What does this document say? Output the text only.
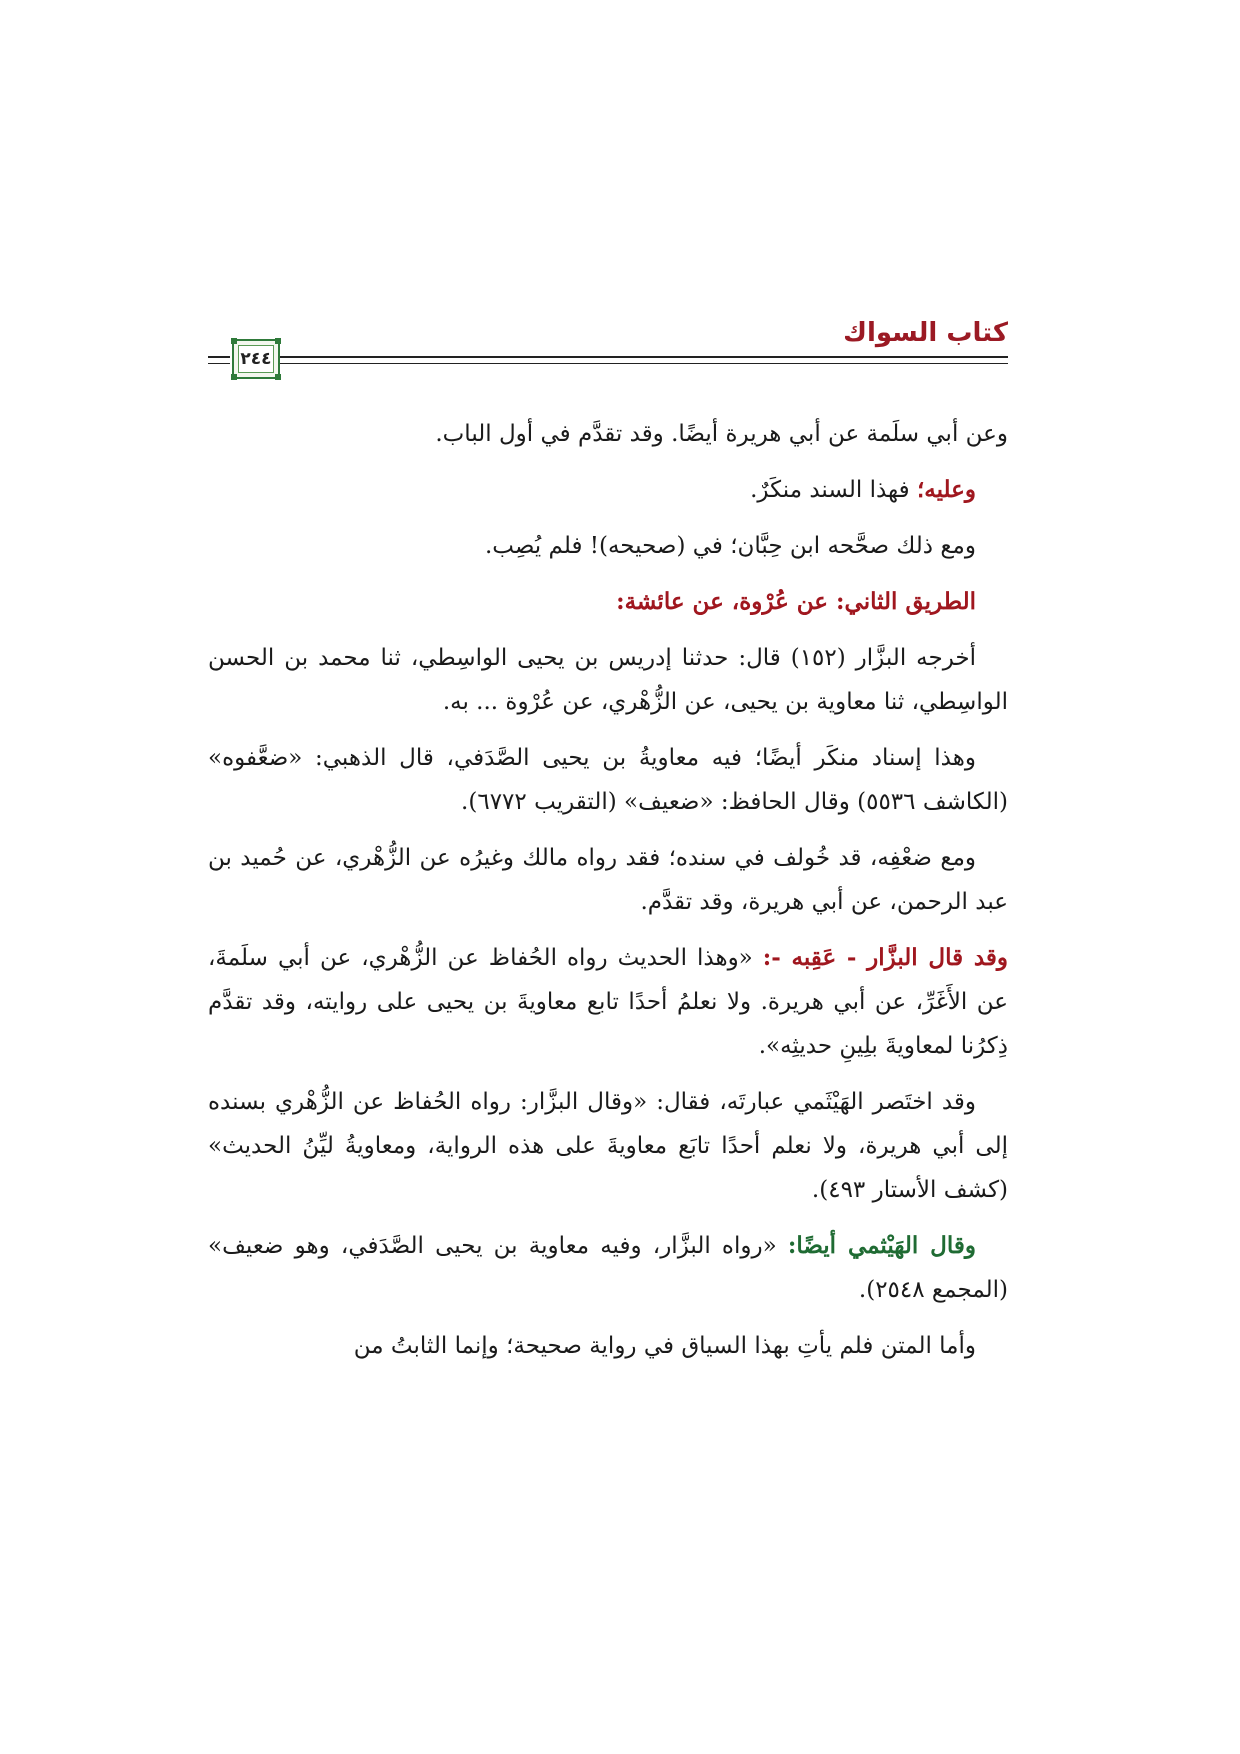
كتاب السواك
٢٤٤

وعن أبي سلَمة عن أبي هريرة أيضًا. وقد تقدَّم في أول الباب.

وعليه؛ فهذا السند منكَرٌ.

ومع ذلك صحَّحه ابن حِبَّان؛ في (صحيحه)! فلم يُصِب.

الطريق الثاني: عن عُرْوة، عن عائشة:

أخرجه البزَّار (١٥٢) قال: حدثنا إدريس بن يحيى الواسِطي، ثنا محمد بن الحسن الواسِطي، ثنا معاوية بن يحيى، عن الزُّهْري، عن عُرْوة ... به.

وهذا إسناد منكَر أيضًا؛ فيه معاويةُ بن يحيى الصَّدَفي، قال الذهبي: «ضعَّفوه» (الكاشف ٥٥٣٦) وقال الحافظ: «ضعيف» (التقريب ٦٧٧٢).

ومع ضعْفِه، قد خُولف في سنده؛ فقد رواه مالك وغيرُه عن الزُّهْري، عن حُميد بن عبد الرحمن، عن أبي هريرة، وقد تقدَّم.

وقد قال البزَّار - عَقِبه -: «وهذا الحديث رواه الحُفاظ عن الزُّهْري، عن أبي سلَمةَ، عن الأَغَرِّ، عن أبي هريرة. ولا نعلمُ أحدًا تابع معاويةَ بن يحيى على روايته، وقد تقدَّم ذِكرُنا لمعاويةَ بلِينِ حديثِه».

وقد اختَصر الهَيْثَمي عبارتَه، فقال: «وقال البزَّار: رواه الحُفاظ عن الزُّهْري بسنده إلى أبي هريرة، ولا نعلم أحدًا تابَع معاويةَ على هذه الرواية، ومعاويةُ ليِّنُ الحديث» (كشف الأستار ٤٩٣).

وقال الهَيْثمي أيضًا: «رواه البزَّار، وفيه معاوية بن يحيى الصَّدَفي، وهو ضعيف» (المجمع ٢٥٤٨).

وأما المتن فلم يأتِ بهذا السياق في رواية صحيحة؛ وإنما الثابتُ من
